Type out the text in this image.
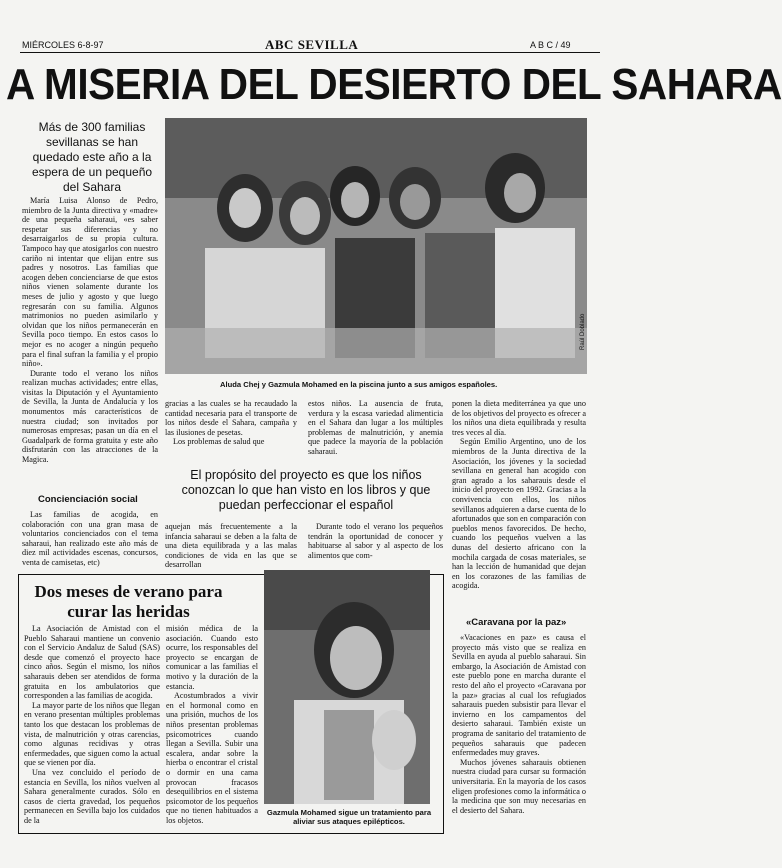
MIÉRCOLES 6-8-97	ABC SEVILLA	A B C / 49
A MISERIA DEL DESIERTO DEL SAHARA
Más de 300 familias sevillanas se han quedado este año a la espera de un pequeño del Sahara
Raúl Doblado
Aluda Chej y Gazmula Mohamed en la piscina junto a sus amigos españoles.

María Luisa Alonso de Pedro, miembro de la Junta directiva y «madre» de una pequeña saharaui, «es saber respetar sus diferencias y no desarraigarlos de su propia cultura. Tampoco hay que atosigarlos con nuestro cariño ni intentar que elijan entre sus padres y nosotros. Las familias que acogen deben concienciarse de que estos niños vienen solamente durante los meses de julio y agosto y que luego regresarán con su familia. Algunos matrimonios no pueden asimilarlo y olvidan que los niños permanecerán en Sevilla poco tiempo. En estos casos lo mejor es no acoger a ningún pequeño para el final sufran la familia y el propio niño».

Durante todo el verano los niños realizan muchas actividades; entre ellas, visitas la Diputación y el Ayuntamiento de Sevilla, la Junta de Andalucía y los monumentos más característicos de nuestra ciudad; son invitados por numerosas empresas; pasan un día en el Guadalpark de forma gratuita y este año disfrutarán con las atracciones de la Magica.

Concienciación social
Las familias de acogida, en colaboración con una gran masa de voluntarios concienciados con el tema saharaui, han realizado este año más de diez mil actividades escenas, concursos, venta de camisetas, etc)

gracias a las cuales se ha recaudado la cantidad necesaria para el transporte de los niños desde el Sahara, campaña y las ilusiones de pesetas.

Los problemas de salud que

estos niños. La ausencia de fruta, verdura y la escasa variedad alimenticia en el Sahara dan lugar a los múltiples problemas de malnutrición, y anemia que padece la mayoría de la población saharaui.
El propósito del proyecto es que los niños conozcan lo que han visto en los libros y que puedan perfeccionar el español
aquejan más frecuentemente a la infancia saharaui se deben a la falta de una dieta equilibrada y a las malas condiciones de vida en las que se desarrollan
Durante todo el verano los pequeños tendrán la oportunidad de conocer y habituarse al sabor y al aspecto de los alimentos que com-

ponen la dieta mediterránea ya que uno de los objetivos del proyecto es ofrecer a los niños una dieta equilibrada y resulta tres veces al día.

Según Emilio Argentino, uno de los miembros de la Junta directiva de la Asociación, los jóvenes y la sociedad sevillana en general han acogido con gran agrado a los saharauis desde el inicio del proyecto en 1992. Gracias a la convivencia con ellos, los niños sevillanos adquieren a darse cuenta de lo afortunados que son en comparación con pueblos menos favorecidos. De hecho, cuando los pequeños vuelven a las dunas del desierto africano con la mochila cargada de cosas materiales, se han la lección de humanidad que dejan en los corazones de las familias de acogida.

«Caravana por la paz»

«Vacaciones en paz» es causa el proyecto más visto que se realiza en Sevilla en ayuda al pueblo saharaui. Sin embargo, la Asociación de Amistad con este pueblo pone en marcha durante el resto del año el proyecto «Caravana por la paz» gracias al cual los refugiados saharauis pueden subsistir para llevar el invierno en los campamentos del desierto saharaui. También existe un programa de sanitario del tratamiento de pequeños saharauis que padecen enfermedades muy graves.

Muchos jóvenes saharauis obtienen nuestra ciudad para cursar su formación universitaria. En la mayoría de los casos eligen profesiones como la informática o la medicina que son muy necesarias en el desierto del Sahara.

Dos meses de verano para curar las heridas

La Asociación de Amistad con el Pueblo Saharaui mantiene un convenio con el Servicio Andaluz de Salud (SAS) desde que comenzó el proyecto hace cinco años. Según el mismo, los niños saharauis deben ser atendidos de forma gratuita en los ambulatorios que corresponden a las familias de acogida.

La mayor parte de los niños que llegan en verano presentan múltiples problemas tanto los que destacan los problemas de vista, de malnutrición y otras carencias, como algunas recidivas y otras enfermedades, que siguen como la actual que se vienen por día.

Una vez concluido el período de estancia en Sevilla, los niños vuelven al Sahara generalmente curados. Sólo en casos de cierta gravedad, los pequeños permanecen en Sevilla bajo los cuidados de la

misión médica de la asociación. Cuando esto ocurre, los responsables del proyecto se encargan de comunicar a las familias el motivo y la duración de la estancia.

Acostumbrados a vivir en el hormonal como en una prisión, muchos de los niños presentan problemas psicomotrices cuando llegan a Sevilla. Subir una escalera, andar sobre la hierba o encontrar el cristal o dormir en una cama provocan fracasos desequilibrios en el sistema psicomotor de los pequeños que no tienen habituados a los objetos.

Gazmula Mohamed sigue un tratamiento para aliviar sus ataques epilépticos.
